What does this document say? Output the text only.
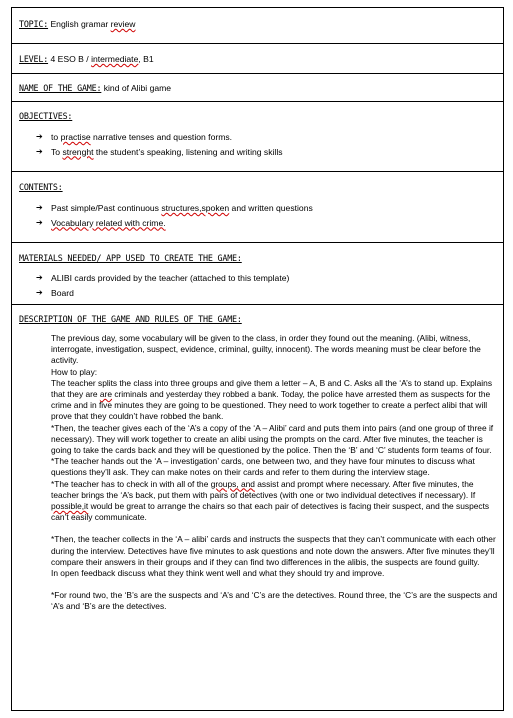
TOPIC: English gramar review
LEVEL: 4 ESO B / intermediate, B1
NAME OF THE GAME: kind of Alibi game
OBJECTIVES:
➔ to practise narrative tenses and question forms.
➔ To strenght the student’s speaking, listening and writing skills
CONTENTS:
➔ Past simple/Past continuous structures,spoken and written questions
➔ Vocabulary related with crime.
MATERIALS NEEDED/ APP USED TO CREATE THE GAME:
➔ ALIBI cards provided by the teacher (attached to this template)
➔ Board
DESCRIPTION OF THE GAME AND RULES OF THE GAME:

The previous day, some vocabulary will be given to the class, in order they found out the meaning. (Alibi, witness, interrogate, investigation, suspect, evidence, criminal, guilty, innocent). The words meaning must be clear before the activity.

How to play:

The teacher splits the class into three groups and give them a letter – A, B and C. Asks all the ‘A’s to stand up. Explains that they are are criminals and yesterday they robbed a bank. Today, the police have arrested them as suspects for the crime and in five minutes they are going to be questioned. They need to work together to create a perfect alibi that will prove that they couldn’t have robbed the bank.

*Then, the teacher gives each of the ‘A’s a copy of the ‘A – Alibi’ card and puts them into pairs (and one group of three if necessary). They will work together to create an alibi using the prompts on the card. After five minutes, the teacher is going to take the cards back and they will be questioned by the police. Then the ‘B’ and ‘C’ students form teams of four.

*The teacher hands out the ‘A – investigation’ cards, one between two, and they have four minutes to discuss what questions they’ll ask. They can make notes on their cards and refer to them during the interview stage.

*The teacher has to check in with all of the groups, and assist and prompt where necessary. After five minutes, the teacher brings the ‘A’s back, put them with pairs of detectives (with one or two individual detectives if necessary). If possible,it would be great to arrange the chairs so that each pair of detectives is facing their suspect, and the suspects can’t easily communicate.

*Then, the teacher collects in the ‘A – alibi’ cards and instructs the suspects that they can’t communicate with each other during the interview. Detectives have five minutes to ask questions and note down the answers. After five minutes they’ll compare their answers in their groups and if they can find two differences in the alibis, the suspects are found guilty.

In open feedback discuss what they think went well and what they should try and improve.

*For round two, the ‘B’s are the suspects and ‘A’s and ‘C’s are the detectives. Round three, the ‘C’s are the suspects and ‘A’s and ‘B’s are the detectives.
